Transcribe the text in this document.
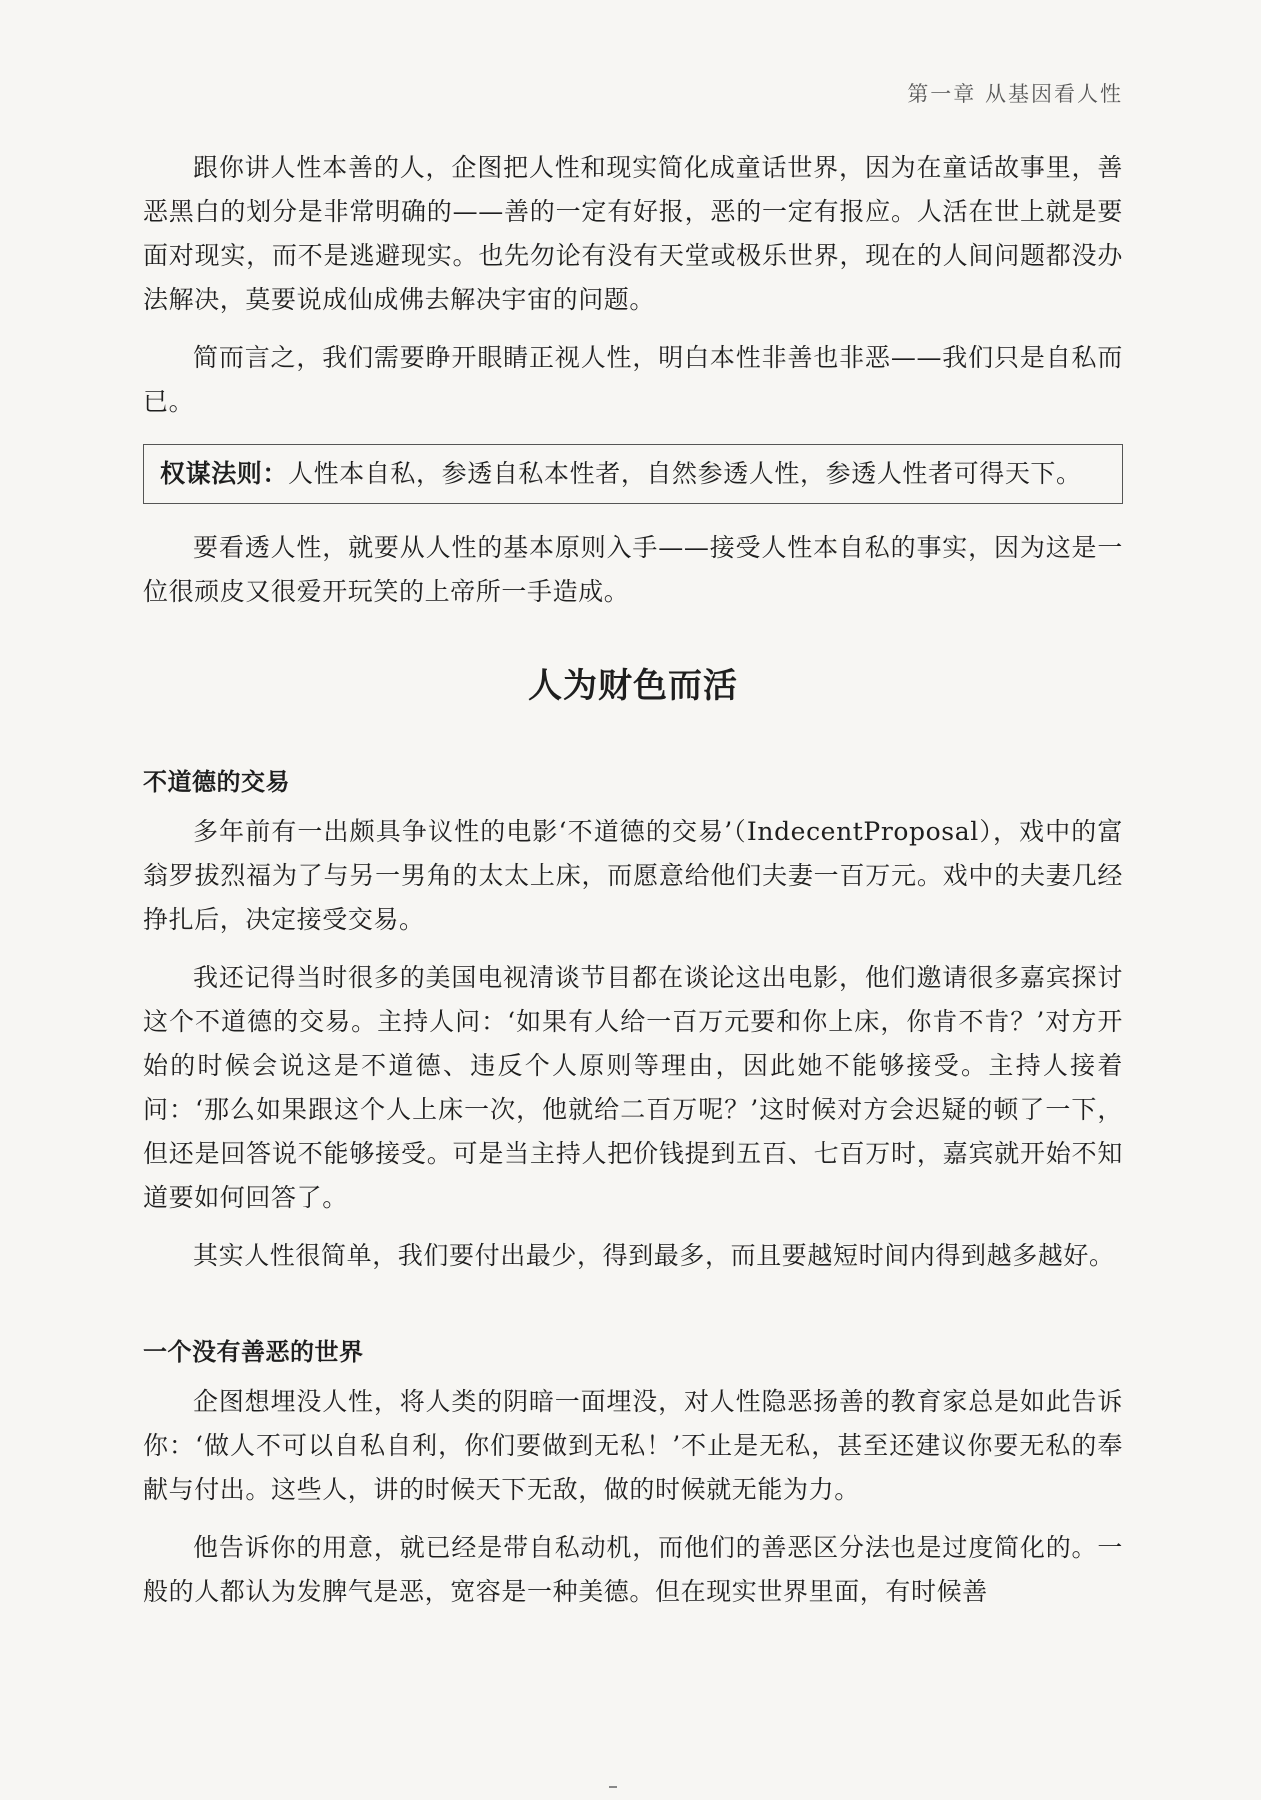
第一章 从基因看人性

跟你讲人性本善的人，企图把人性和现实简化成童话世界，因为在童话故事里，善恶黑白的划分是非常明确的——善的一定有好报，恶的一定有报应。人活在世上就是要面对现实，而不是逃避现实。也先勿论有没有天堂或极乐世界，现在的人间问题都没办法解决，莫要说成仙成佛去解决宇宙的问题。

简而言之，我们需要睁开眼睛正视人性，明白本性非善也非恶——我们只是自私而已。

权谋法则：人性本自私，参透自私本性者，自然参透人性，参透人性者可得天下。

要看透人性，就要从人性的基本原则入手——接受人性本自私的事实，因为这是一位很顽皮又很爱开玩笑的上帝所一手造成。

人为财色而活
不道德的交易

多年前有一出颇具争议性的电影‘不道德的交易’（IndecentProposal），戏中的富翁罗拔烈福为了与另一男角的太太上床，而愿意给他们夫妻一百万元。戏中的夫妻几经挣扎后，决定接受交易。

我还记得当时很多的美国电视清谈节目都在谈论这出电影，他们邀请很多嘉宾探讨这个不道德的交易。主持人问：‘如果有人给一百万元要和你上床，你肯不肯？’对方开始的时候会说这是不道德、违反个人原则等理由，因此她不能够接受。主持人接着问：‘那么如果跟这个人上床一次，他就给二百万呢？’这时候对方会迟疑的顿了一下，但还是回答说不能够接受。可是当主持人把价钱提到五百、七百万时，嘉宾就开始不知道要如何回答了。

其实人性很简单，我们要付出最少，得到最多，而且要越短时间内得到越多越好。

一个没有善恶的世界

企图想埋没人性，将人类的阴暗一面埋没，对人性隐恶扬善的教育家总是如此告诉你：‘做人不可以自私自利，你们要做到无私！’不止是无私，甚至还建议你要无私的奉献与付出。这些人，讲的时候天下无敌，做的时候就无能为力。

他告诉你的用意，就已经是带自私动机，而他们的善恶区分法也是过度简化的。一般的人都认为发脾气是恶，宽容是一种美德。但在现实世界里面，有时候善
